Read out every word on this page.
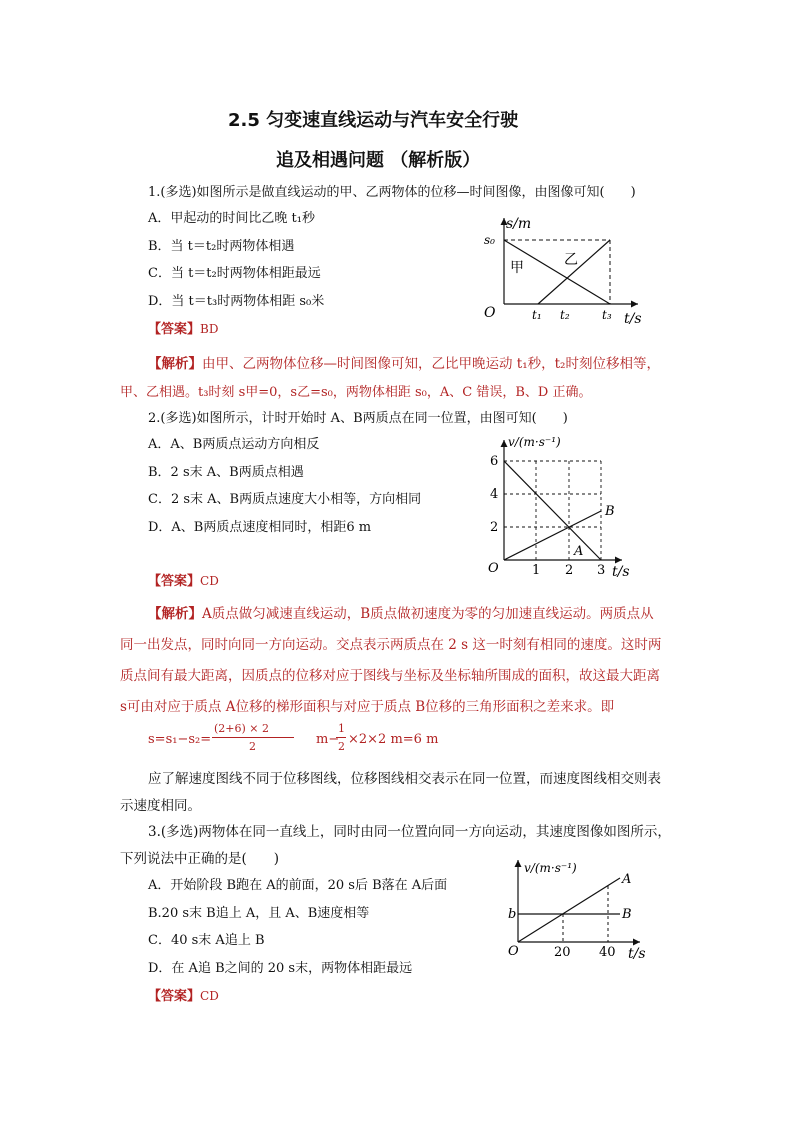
2.5 匀变速直线运动与汽车安全行驶
追及相遇问题 （解析版）
1.(多选)如图所示是做直线运动的甲、乙两物体的位移—时间图像，由图像可知(　　)
A．甲起动的时间比乙晚 t₁秒
B．当 t＝t₂时两物体相遇
C．当 t＝t₂时两物体相距最远
D．当 t＝t₃时两物体相距 s₀米
【答案】BD
s/m
s₀
甲	乙
O	t₁ t₂	t₃ t/s
【解析】由甲、乙两物体位移—时间图像可知，乙比甲晚运动 t₁秒，t₂时刻位移相等，
甲、乙相遇。t₃时刻 s甲=0，s乙=s₀，两物体相距 s₀，A、C 错误，B、D 正确。
2.(多选)如图所示，计时开始时 A、B两质点在同一位置，由图可知(　　)
A．A、B两质点运动方向相反
B．2 s末 A、B两质点相遇
C．2 s末 A、B两质点速度大小相等，方向相同
D．A、B两质点速度相同时，相距6 m
【答案】CD
v/(m·s⁻¹)
6
4
2
O	1 2 3 t/s
B
A
【解析】A质点做匀减速直线运动，B质点做初速度为零的匀加速直线运动。两质点从
同一出发点，同时向同一方向运动。交点表示两质点在 2 s 这一时刻有相同的速度。这时两
质点间有最大距离，因质点的位移对应于图线与坐标及坐标轴所围成的面积，故这最大距离
s可由对应于质点 A位移的梯形面积与对应于质点 B位移的三角形面积之差来求。即
s=s₁−s₂=
(2+6) × 2
2	m−
1
2 ×2×2 m=6 m
应了解速度图线不同于位移图线，位移图线相交表示在同一位置，而速度图线相交则表
示速度相同。
3.(多选)两物体在同一直线上，同时由同一位置向同一方向运动，其速度图像如图所示，
下列说法中正确的是(　　)
A．开始阶段 B跑在 A的前面，20 s后 B落在 A后面
B.20 s末 B追上 A，且 A、B速度相等
C．40 s末 A追上 B
D．在 A追 B之间的 20 s末，两物体相距最远
【答案】CD
v/(m·s⁻¹)
b
A
B
O	20 40 t/s
